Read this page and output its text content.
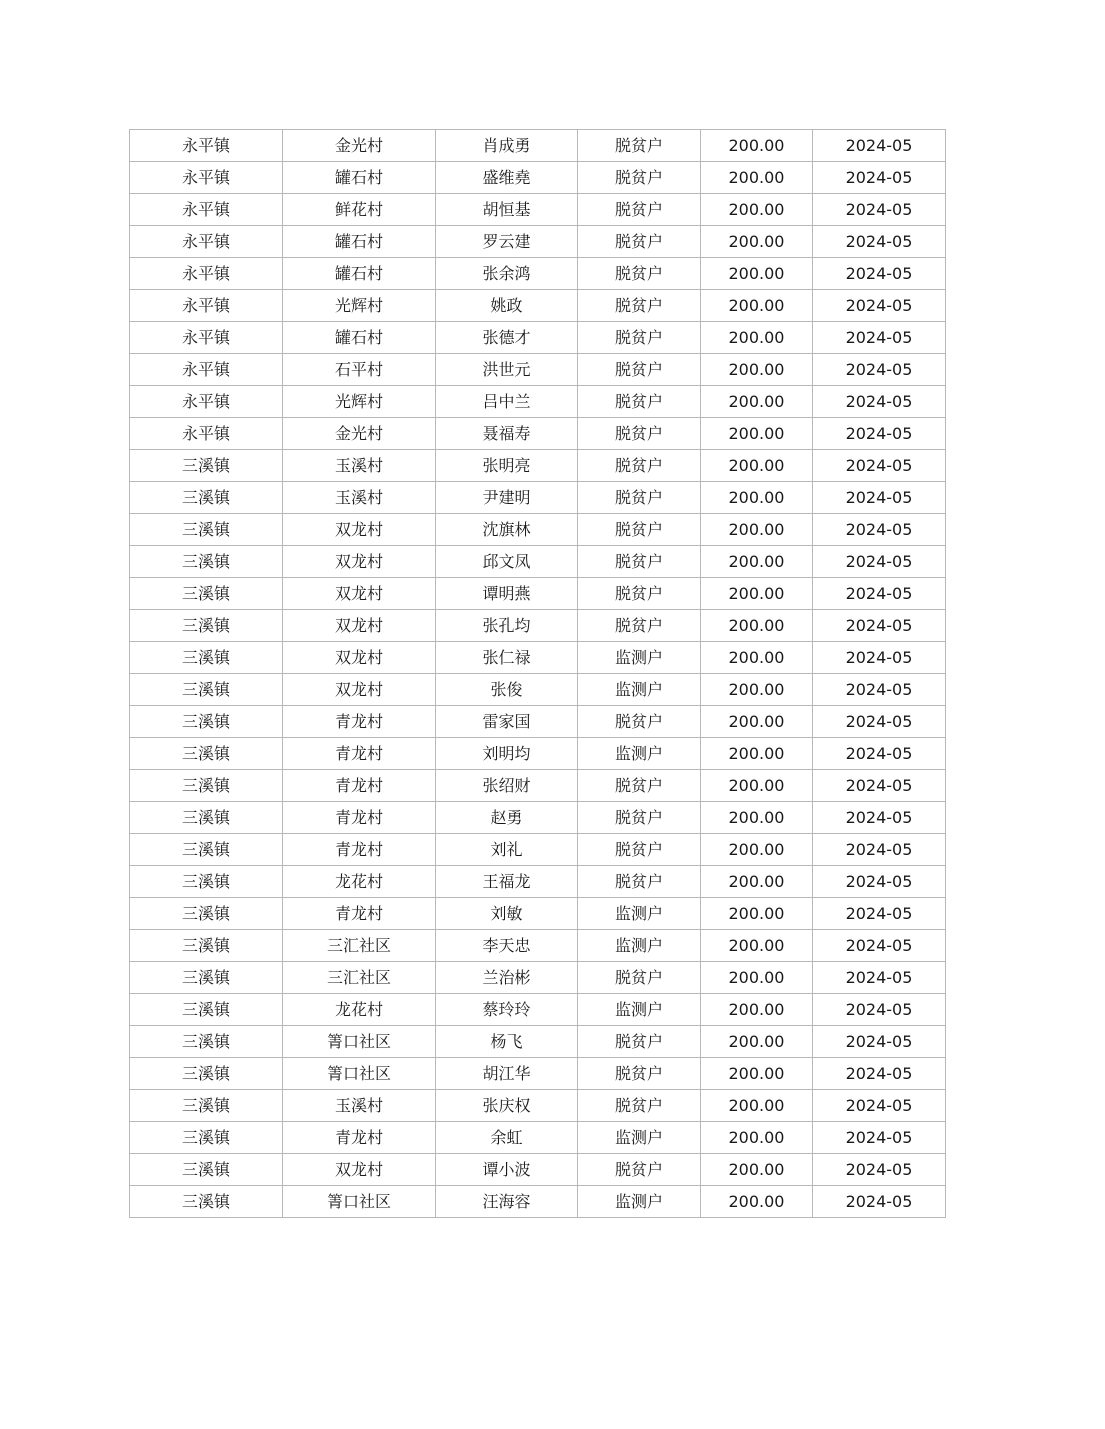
永平镇	金光村	肖成勇	脱贫户	200.00	2024-05
永平镇	罐石村	盛维堯	脱贫户	200.00	2024-05
永平镇	鲜花村	胡恒基	脱贫户	200.00	2024-05
永平镇	罐石村	罗云建	脱贫户	200.00	2024-05
永平镇	罐石村	张余鸿	脱贫户	200.00	2024-05
永平镇	光辉村	姚政	脱贫户	200.00	2024-05
永平镇	罐石村	张德才	脱贫户	200.00	2024-05
永平镇	石平村	洪世元	脱贫户	200.00	2024-05
永平镇	光辉村	吕中兰	脱贫户	200.00	2024-05
永平镇	金光村	聂福寿	脱贫户	200.00	2024-05
三溪镇	玉溪村	张明亮	脱贫户	200.00	2024-05
三溪镇	玉溪村	尹建明	脱贫户	200.00	2024-05
三溪镇	双龙村	沈旗林	脱贫户	200.00	2024-05
三溪镇	双龙村	邱文凤	脱贫户	200.00	2024-05
三溪镇	双龙村	谭明燕	脱贫户	200.00	2024-05
三溪镇	双龙村	张孔均	脱贫户	200.00	2024-05
三溪镇	双龙村	张仁禄	监测户	200.00	2024-05
三溪镇	双龙村	张俊	监测户	200.00	2024-05
三溪镇	青龙村	雷家国	脱贫户	200.00	2024-05
三溪镇	青龙村	刘明均	监测户	200.00	2024-05
三溪镇	青龙村	张绍财	脱贫户	200.00	2024-05
三溪镇	青龙村	赵勇	脱贫户	200.00	2024-05
三溪镇	青龙村	刘礼	脱贫户	200.00	2024-05
三溪镇	龙花村	王福龙	脱贫户	200.00	2024-05
三溪镇	青龙村	刘敏	监测户	200.00	2024-05
三溪镇	三汇社区	李天忠	监测户	200.00	2024-05
三溪镇	三汇社区	兰治彬	脱贫户	200.00	2024-05
三溪镇	龙花村	蔡玲玲	监测户	200.00	2024-05
三溪镇	箐口社区	杨飞	脱贫户	200.00	2024-05
三溪镇	箐口社区	胡江华	脱贫户	200.00	2024-05
三溪镇	玉溪村	张庆权	脱贫户	200.00	2024-05
三溪镇	青龙村	余虹	监测户	200.00	2024-05
三溪镇	双龙村	谭小波	脱贫户	200.00	2024-05
三溪镇	箐口社区	汪海容	监测户	200.00	2024-05
